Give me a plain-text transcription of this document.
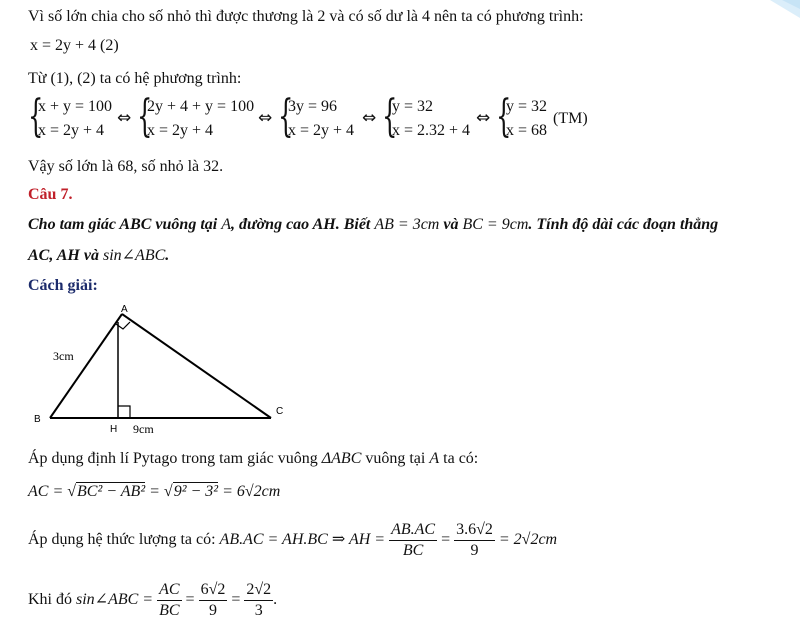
Vì số lớn chia cho số nhỏ thì được thương là 2 và có số dư là 4 nên ta có phương trình:
x = 2y + 4 (2)
Từ (1), (2) ta có hệ phương trình:
{
x + y = 100
x = 2y + 4
⇔ {
2y + 4 + y = 100
x = 2y + 4
⇔ {
3y = 96
x = 2y + 4
⇔ {
y = 32
x = 2.32 + 4
⇔ {
y = 32
x = 68
(TM)
Vậy số lớn là 68, số nhỏ là 32.
Câu 7.
Cho tam giác ABC vuông tại A, đường cao AH. Biết AB = 3cm và BC = 9cm. Tính độ dài các đoạn thẳng
AC, AH và sin∠ABC.
Cách giải:
A
B
C
H
3cm
9cm
Áp dụng định lí Pytago trong tam giác vuông ΔABC vuông tại A ta có:
AC = √BC² − AB² = √9² − 3² = 6√2cm
Áp dụng hệ thức lượng ta có: AB.AC = AH.BC ⇒ AH = $\frac{AB.AC}{BC} = \frac{3.6√2}{9} = 2√2cm$
Khi đó sin∠ABC = $\frac{AC}{BC} = \frac{6√2}{9} = \frac{2√2}{3}$ .
